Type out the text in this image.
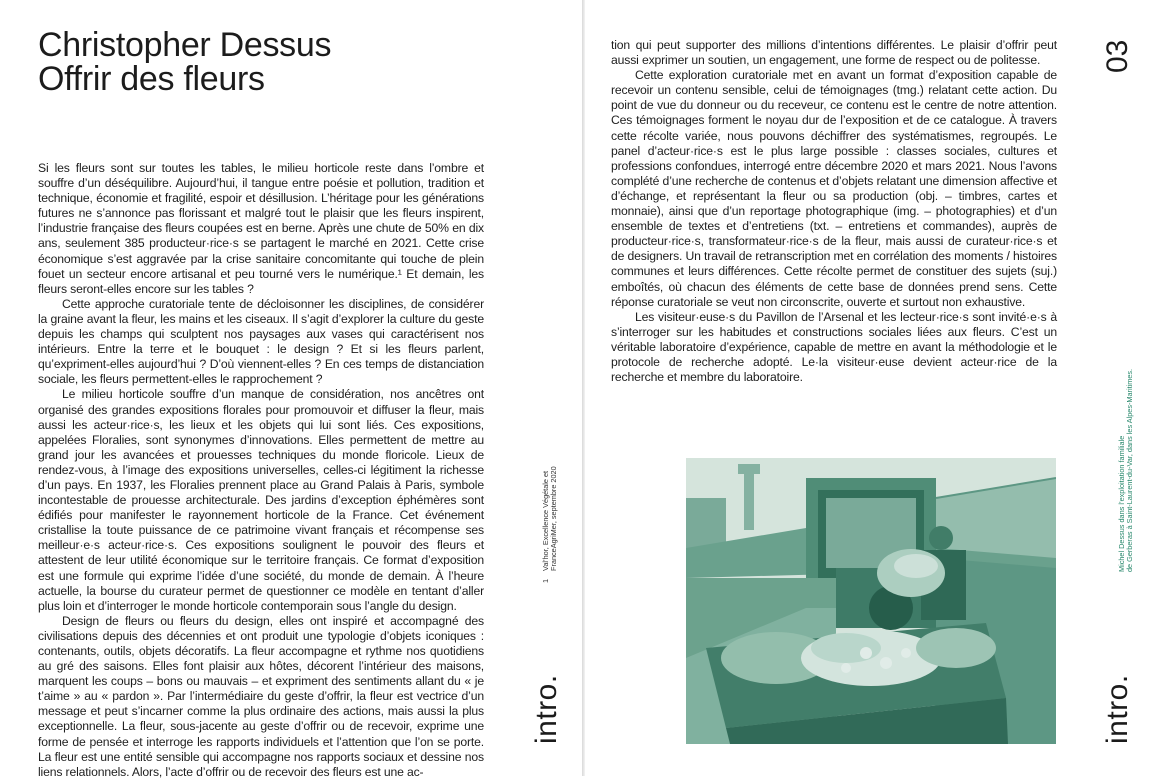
Christopher Dessus
Offrir des fleurs

Si les fleurs sont sur toutes les tables, le milieu horticole reste dans l’ombre et souffre d’un déséquilibre. Aujourd’hui, il tangue entre poésie et pollution, tradition et technique, économie et fragilité, espoir et désillusion. L’héritage pour les générations futures ne s’annonce pas florissant et malgré tout le plaisir que les fleurs inspirent, l’industrie française des fleurs coupées est en berne. Après une chute de 50% en dix ans, seulement 385 producteur·rice·s se partagent le marché en 2021. Cette crise économique s’est aggravée par la crise sanitaire concomitante qui touche de plein fouet un secteur encore artisanal et peu tourné vers le numérique.¹ Et demain, les fleurs seront-elles encore sur les tables ?

Cette approche curatoriale tente de décloisonner les disciplines, de considérer la graine avant la fleur, les mains et les ciseaux. Il s’agit d’explorer la culture du geste depuis les champs qui sculptent nos paysages aux vases qui caractérisent nos intérieurs. Entre la terre et le bouquet : le design ? Et si les fleurs parlent, qu’expriment-elles aujourd’hui ? D’où viennent-elles ? En ces temps de distanciation sociale, les fleurs permettent-elles le rapprochement ?

Le milieu horticole souffre d’un manque de considération, nos ancêtres ont organisé des grandes expositions florales pour promouvoir et diffuser la fleur, mais aussi les acteur·rice·s, les lieux et les objets qui lui sont liés. Ces expositions, appelées Floralies, sont synonymes d’innovations. Elles permettent de mettre au grand jour les avancées et prouesses techniques du monde floricole. Lieux de rendez-vous, à l’image des expositions universelles, celles-ci légitiment la richesse d’un pays. En 1937, les Floralies prennent place au Grand Palais à Paris, symbole incontestable de prouesse architecturale. Des jardins d’exception éphémères sont édifiés pour manifester le rayonnement horticole de la France. Cet événement cristallise la toute puissance de ce patrimoine vivant français et récompense ses meilleur·e·s acteur·rice·s. Ces expositions soulignent le pouvoir des fleurs et attestent de leur utilité économique sur le territoire français. Ce format d’exposition est une formule qui exprime l’idée d’une société, du monde de demain. À l’heure actuelle, la bourse du curateur permet de questionner ce modèle en tentant d’aller plus loin et d’interroger le monde horticole contemporain sous l’angle du design.

Design de fleurs ou fleurs du design, elles ont inspiré et accompagné des civilisations depuis des décennies et ont produit une typologie d’objets iconiques : contenants, outils, objets décoratifs. La fleur accompagne et rythme nos quotidiens au gré des saisons. Elles font plaisir aux hôtes, décorent l’intérieur des maisons, marquent les coups – bons ou mauvais – et expriment des sentiments allant du « je t’aime » au « pardon ». Par l’intermédiaire du geste d’offrir, la fleur est vectrice d’un message et peut s’incarner comme la plus ordinaire des actions, mais aussi la plus exceptionnelle. La fleur, sous-jacente au geste d’offrir ou de recevoir, exprime une forme de pensée et interroge les rapports individuels et l’attention que l’on se porte. La fleur est une entité sensible qui accompagne nos rapports sociaux et dessine nos liens relationnels. Alors, l’acte d’offrir ou de recevoir des fleurs est une ac-

1Val’hor, Excellence Végétale et FranceAgriMer, septembre 2020
intro.

tion qui peut supporter des millions d’intentions différentes. Le plaisir d’offrir peut aussi exprimer un soutien, un engagement, une forme de respect ou de politesse.

Cette exploration curatoriale met en avant un format d’exposition capable de recevoir un contenu sensible, celui de témoignages (tmg.) relatant cette action. Du point de vue du donneur ou du receveur, ce contenu est le centre de notre attention. Ces témoignages forment le noyau dur de l’exposition et de ce catalogue. À travers cette récolte variée, nous pouvons déchiffrer des systématismes, regroupés. Le panel d’acteur·rice·s est le plus large possible : classes sociales, cultures et professions confondues, interrogé entre décembre 2020 et mars 2021. Nous l’avons complété d’une recherche de contenus et d’objets relatant une dimension affective et d’échange, et représentant la fleur ou sa production (obj. – timbres, cartes et monnaie), ainsi que d’un reportage photographique (img. – photographies) et d’un ensemble de textes et d’entretiens (txt. – entretiens et commandes), auprès de producteur·rice·s, transformateur·rice·s de la fleur, mais aussi de curateur·rice·s et de designers. Un travail de retranscription met en corrélation des moments / histoires communes et leurs différences. Cette récolte permet de constituer des sujets (suj.) emboîtés, où chacun des éléments de cette base de données prend sens. Cette réponse curatoriale se veut non circonscrite, ouverte et surtout non exhaustive.

Les visiteur·euse·s du Pavillon de l’Arsenal et les lecteur·rice·s sont invité·e·s à s’interroger sur les habitudes et constructions sociales liées aux fleurs. C’est un véritable laboratoire d’expérience, capable de mettre en avant la méthodologie et le protocole de recherche adopté. Le·la visiteur·euse devient acteur·rice de la recherche et membre du laboratoire.

Michel Dessus dans l’exploitation familiale de Gerberas à Saint-Laurent-du-Var, dans les Alpes-Maritimes.
03
intro.
